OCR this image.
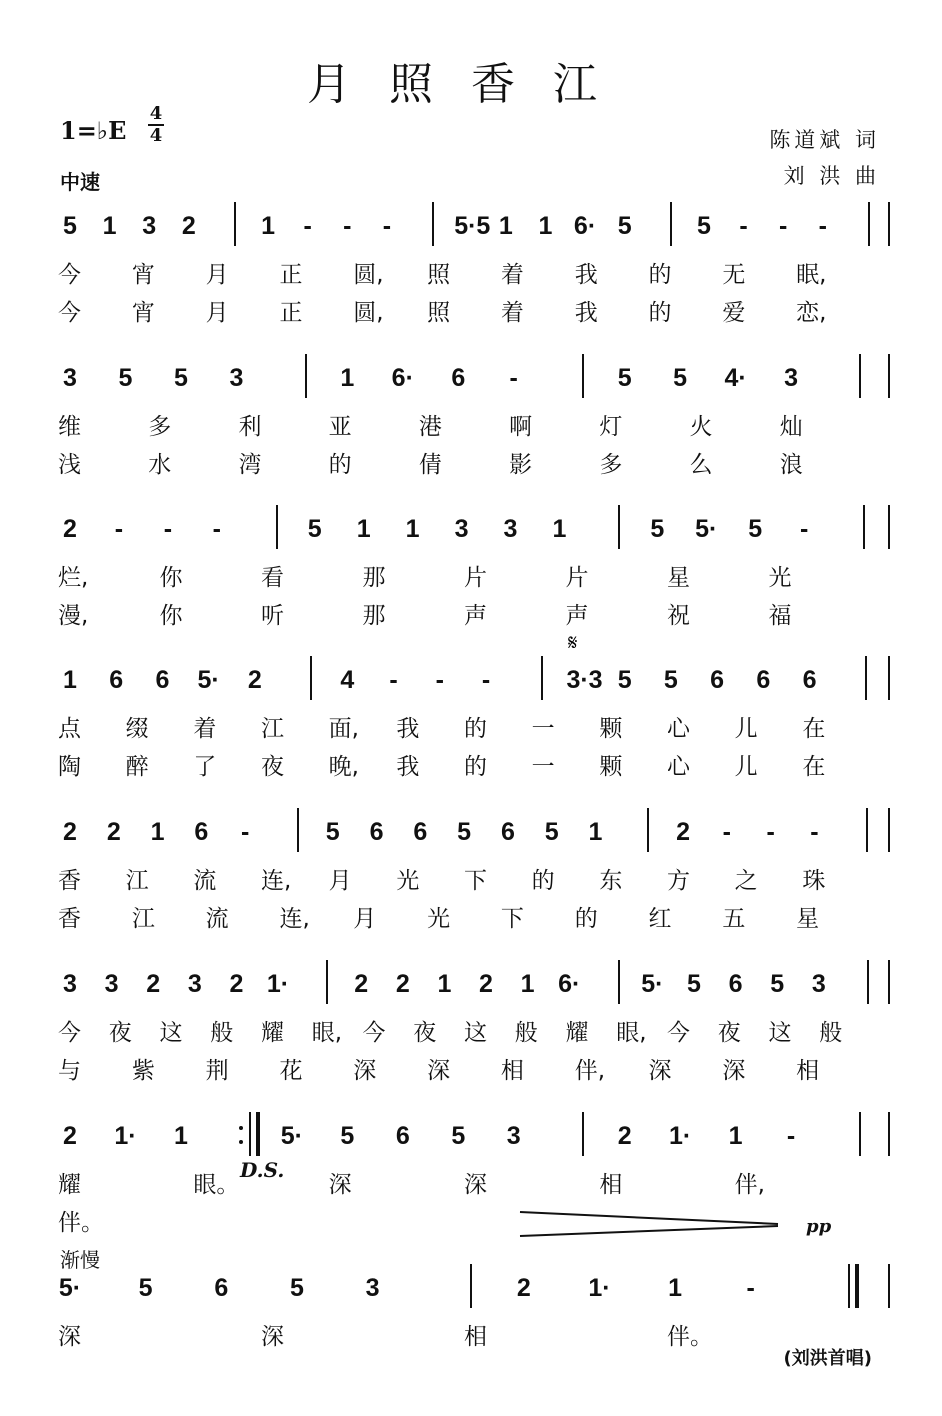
月照香江
1=♭E
4
4
中速
陈道斌 词
刘 洪 曲
5 1 3 2	1	-	-	-	5·5 1 1 6· 5	5	-	-	-
今 宵 月 正 圆, 照 着 我 的 无 眠,
今 宵 月 正 圆, 照 着 我 的 爱 恋,
3 5 5 3	1 6· 6	-	5 5 4· 3
维	多	利	亚	港	啊	灯	火	灿
浅	水	湾	的	倩	影	多	么	浪
2	-	-	-	5 1 1 3 3 1	5 5· 5	-
烂,	你	看	那	片	片	星	光
漫,	你	听	那	声	声	祝	福
1 6 6 5· 2	4	-	-	-	3·3 5 5 6 6 6
点 缀 着 江 面, 我 的 一 颗 心 儿 在
陶 醉 了 夜 晚, 我 的 一 颗 心 儿 在
2 2 1 6	-	5 6 6 5 6 5 1	2	-	-	-
香 江 流 连, 月 光 下 的 东 方 之 珠
香 江 流 连, 月 光 下 的 红 五 星
3 3 2 3 2 1·	2 2 1 2 1 6· 5· 5 6 5 3
今 夜 这 般 耀 眼, 今 夜 这 般 耀 眼, 今 夜 这 般
与 紫 荆 花 深 深 相 伴, 深 深 相
2 1· 1	5· 5 6 5 3	2 1· 1	-
耀	眼。	深	深	相	伴,
伴。
5· 5 6 5 3	2 1· 1	-
深	深	相	伴。
D.S.
pp
渐慢
(刘洪首唱)
𝄋
